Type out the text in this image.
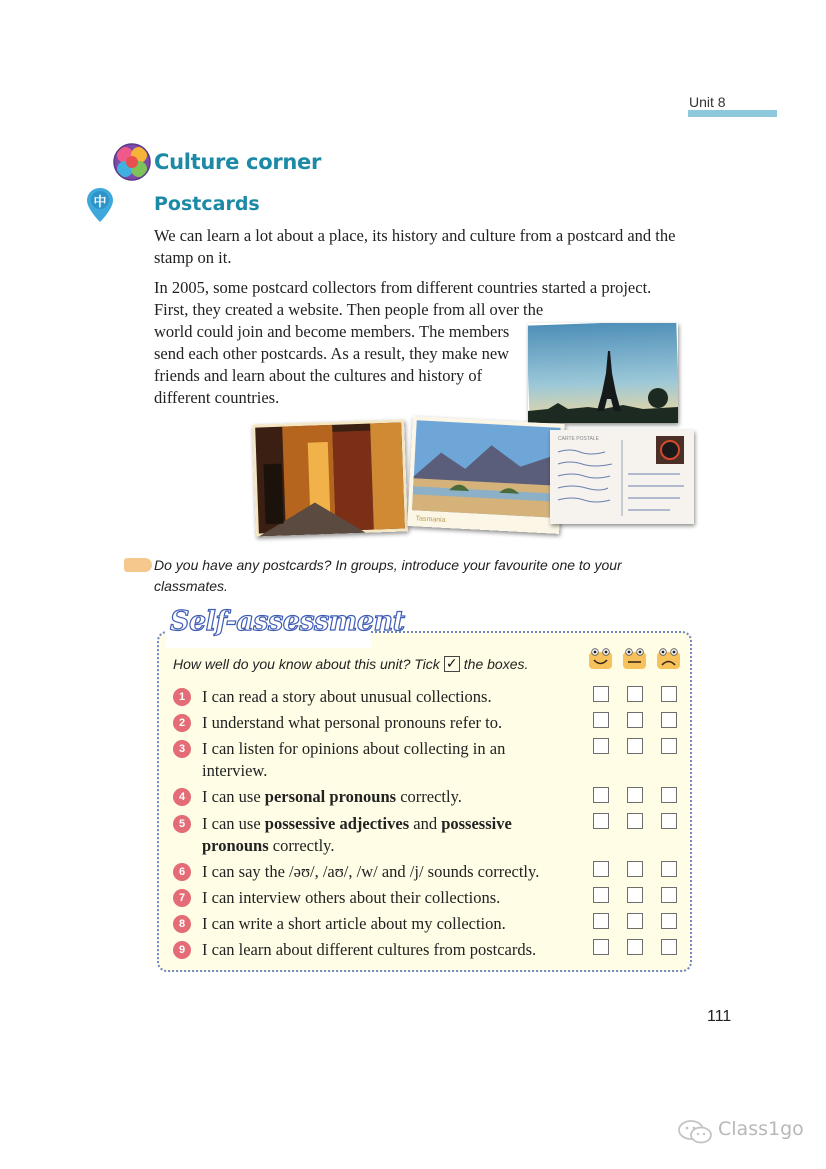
Unit 8
Culture corner
中	Postcards
We can learn a lot about a place, its history and culture from a postcard and the stamp on it.
In 2005, some postcard collectors from different countries started a project. First, they created a website. Then people from all over the
world could join and become members. The members send each other postcards. As a result, they make new friends and learn about the cultures and history of different countries.
Tasmania
CARTE POSTALE
Do you have any postcards? In groups, introduce your favourite one to your classmates.
Self-assessment
How well do you know about this unit? Tick ✓ the boxes.
1	I can read a story about unusual collections.
2	I understand what personal pronouns refer to.
3	I can listen for opinions about collecting in an interview.
4	I can use personal pronouns correctly.
5	I can use possessive adjectives and possessive pronouns correctly.
6	I can say the /əʊ/, /aʊ/, /w/ and /j/ sounds correctly.
7	I can interview others about their collections.
8	I can write a short article about my collection.
9	I can learn about different cultures from postcards.
111
Class1go
